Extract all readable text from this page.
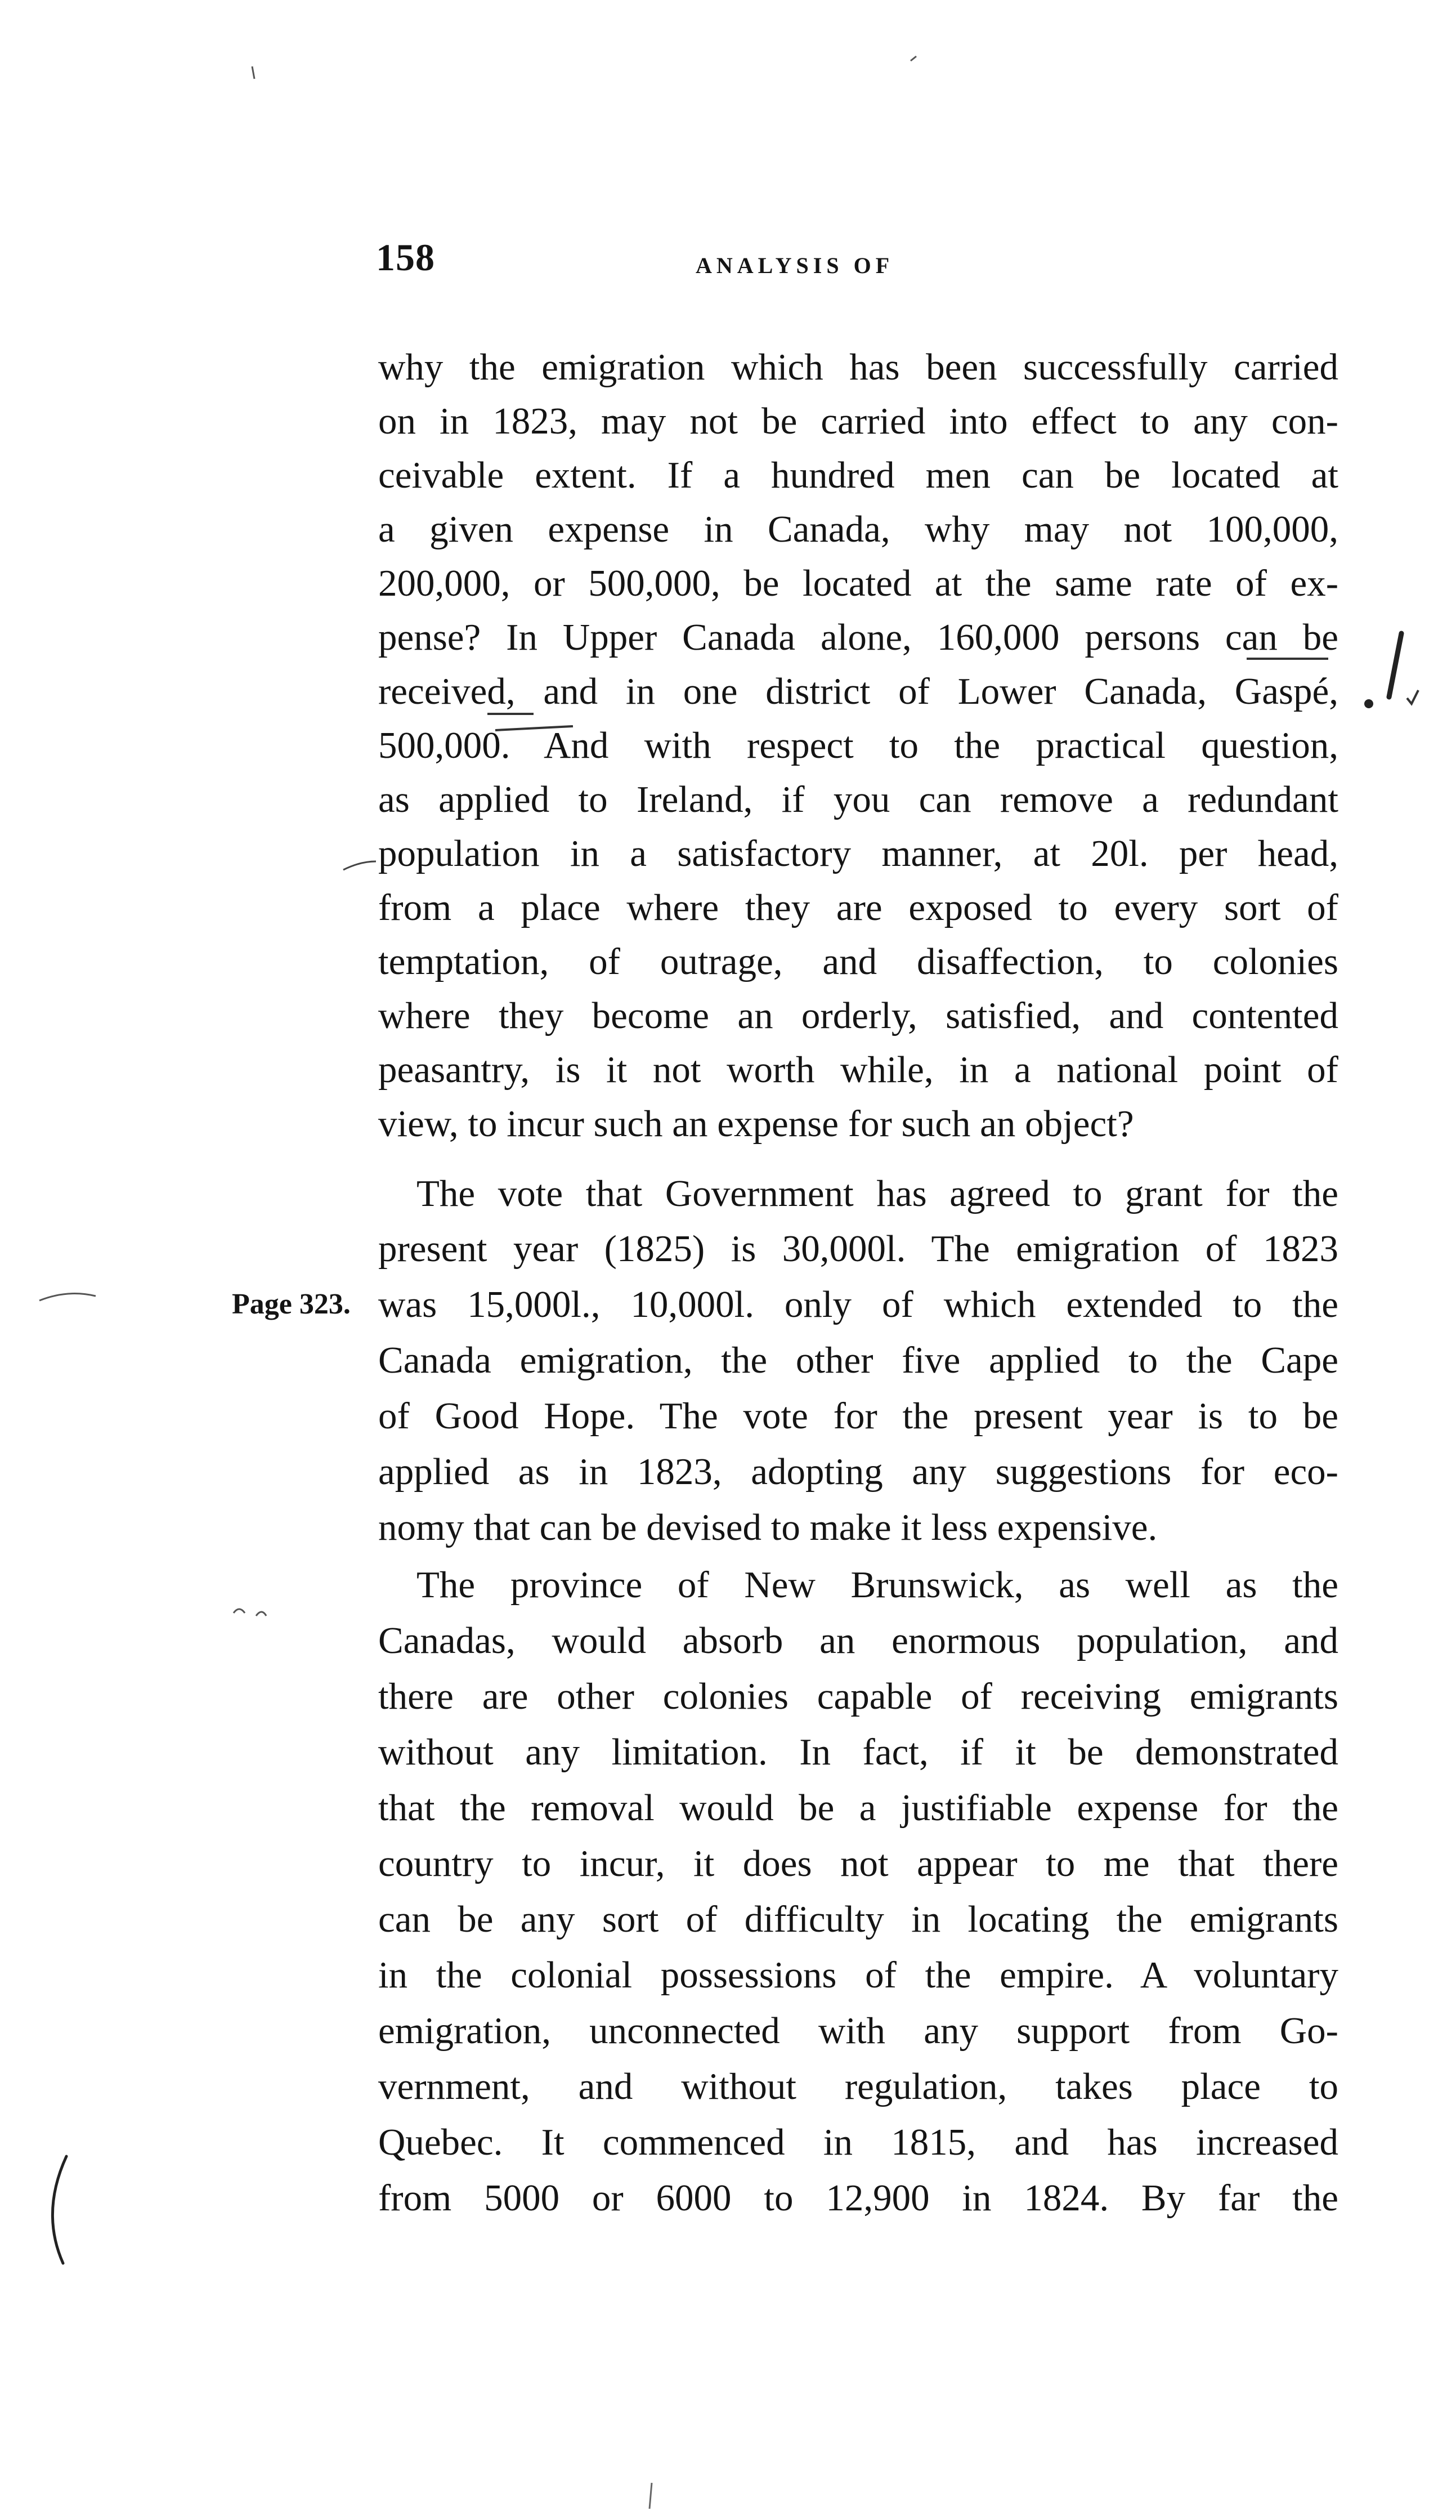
158	ANALYSIS OF
why the emigration which has been successfully carried
on in 1823, may not be carried into effect to any con-
ceivable extent. If a hundred men can be located at
a given expense in Canada, why may not 100,000,
200,000, or 500,000, be located at the same rate of ex-
pense? In Upper Canada alone, 160,000 persons can be
received, and in one district of Lower Canada, Gaspé,
500,000. And with respect to the practical question,
as applied to Ireland, if you can remove a redundant
population in a satisfactory manner, at 20l. per head,
from a place where they are exposed to every sort of
temptation, of outrage, and disaffection, to colonies
where they become an orderly, satisfied, and contented
peasantry, is it not worth while, in a national point of
view, to incur such an expense for such an object?
The vote that Government has agreed to grant for the
present year (1825) is 30,000l. The emigration of 1823
was 15,000l., 10,000l. only of which extended to the
Canada emigration, the other five applied to the Cape
of Good Hope. The vote for the present year is to be
applied as in 1823, adopting any suggestions for eco-
nomy that can be devised to make it less expensive.
Page 323.
The province of New Brunswick, as well as the
Canadas, would absorb an enormous population, and
there are other colonies capable of receiving emigrants
without any limitation. In fact, if it be demonstrated
that the removal would be a justifiable expense for the
country to incur, it does not appear to me that there
can be any sort of difficulty in locating the emigrants
in the colonial possessions of the empire. A voluntary
emigration, unconnected with any support from Go-
vernment, and without regulation, takes place to
Quebec. It commenced in 1815, and has increased
from 5000 or 6000 to 12,900 in 1824. By far the
